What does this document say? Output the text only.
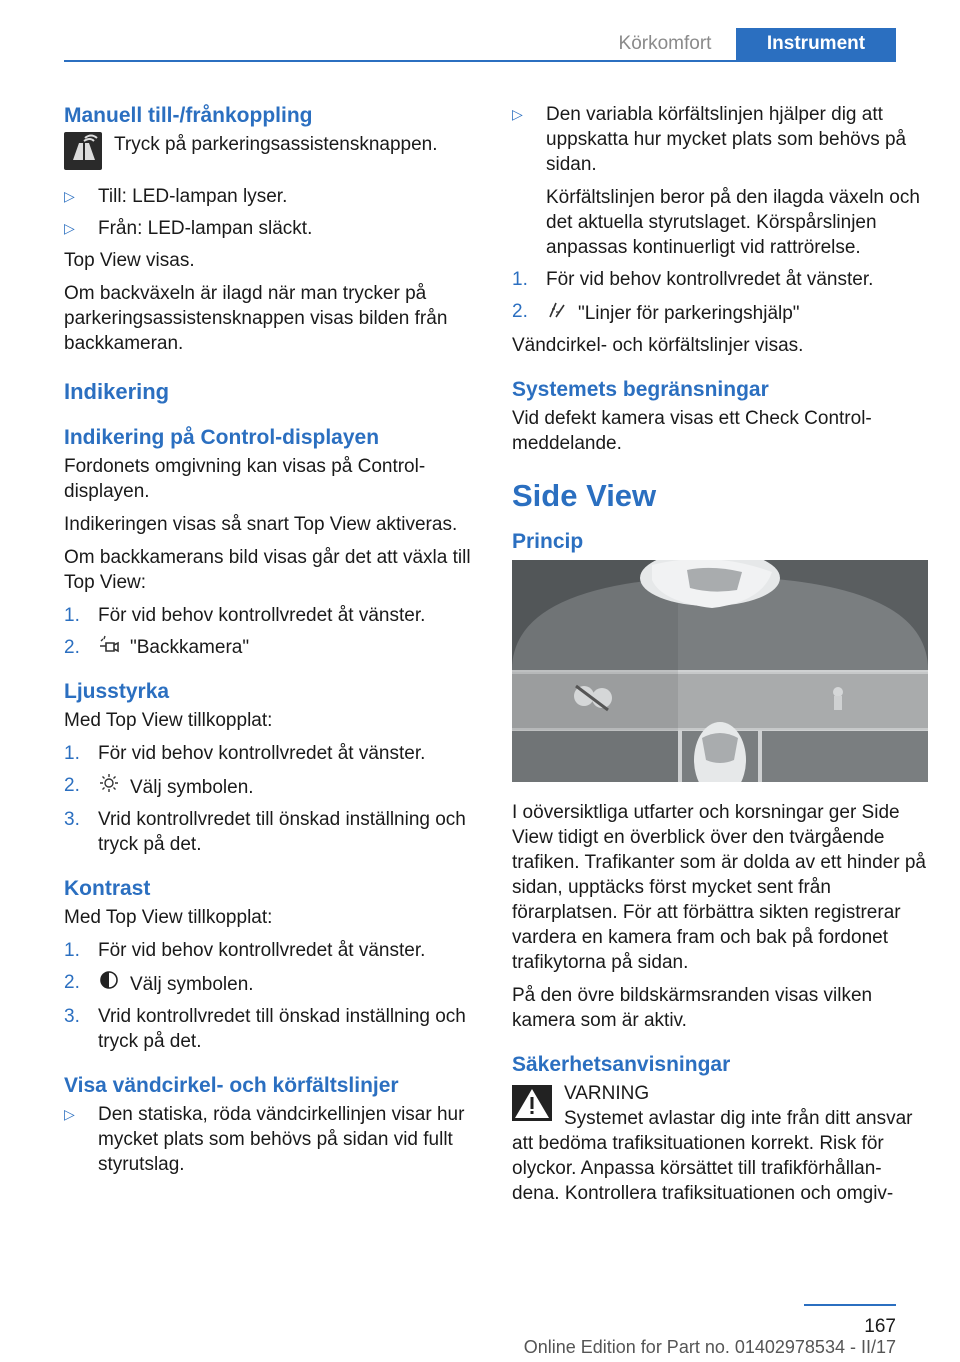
Körkomfort	Instrument
Manuell till-/frånkoppling

Tryck på parkeringsassistensknappen.

▷ Till: LED-lampan lyser.
▷ Från: LED-lampan släckt.

Top View visas.

Om backväxeln är ilagd när man trycker på parkeringsassistensknappen visas bilden från backkameran.

Indikering
Indikering på Control-displayen

Fordonets omgivning kan visas på Control-displayen.

Indikeringen visas så snart Top View aktiveras.

Om backkamerans bild visas går det att växla till Top View:

1. För vid behov kontrollvredet åt vänster.
2.	"Backkamera"
Ljusstyrka

Med Top View tillkopplat:

1. För vid behov kontrollvredet åt vänster.
2.	Välj symbolen.
3. Vrid kontrollvredet till önskad inställning och tryck på det.
Kontrast

Med Top View tillkopplat:

1. För vid behov kontrollvredet åt vänster.
2.	Välj symbolen.
3. Vrid kontrollvredet till önskad inställning och tryck på det.
Visa vändcirkel- och körfältslinjer
▷ Den statiska, röda vändcirkellinjen visar hur mycket plats som behövs på sidan vid fullt styrutslag.
▷ Den variabla körfältslinjen hjälper dig att uppskatta hur mycket plats som behövs på sidan.
Körfältslinjen beror på den ilagda växeln och det aktuella styrutslaget. Körspårslinjen anpassas kontinuerligt vid rattrörelse.
1. För vid behov kontrollvredet åt vänster.
2.	"Linjer för parkeringshjälp"

Vändcirkel- och körfältslinjer visas.

Systemets begränsningar

Vid defekt kamera visas ett Check Control-meddelande.

Side View
Princip

I oöversiktliga utfarter och korsningar ger Side View tidigt en överblick över den tvärgående trafiken. Trafikanter som är dolda av ett hinder på sidan, upptäcks först mycket sent från förarplatsen. För att förbättra sikten registrerar vardera en kamera fram och bak på fordonet trafikytorna på sidan.

På den övre bildskärmsranden visas vilken kamera som är aktiv.

Säkerhetsanvisningar
VARNING
Systemet avlastar dig inte från ditt ansvar att bedöma trafiksituationen korrekt. Risk för olyckor. Anpassa körsättet till trafikförhållan-dena. Kontrollera trafiksituationen och omgiv-
167
Online Edition for Part no. 01402978534 - II/17
